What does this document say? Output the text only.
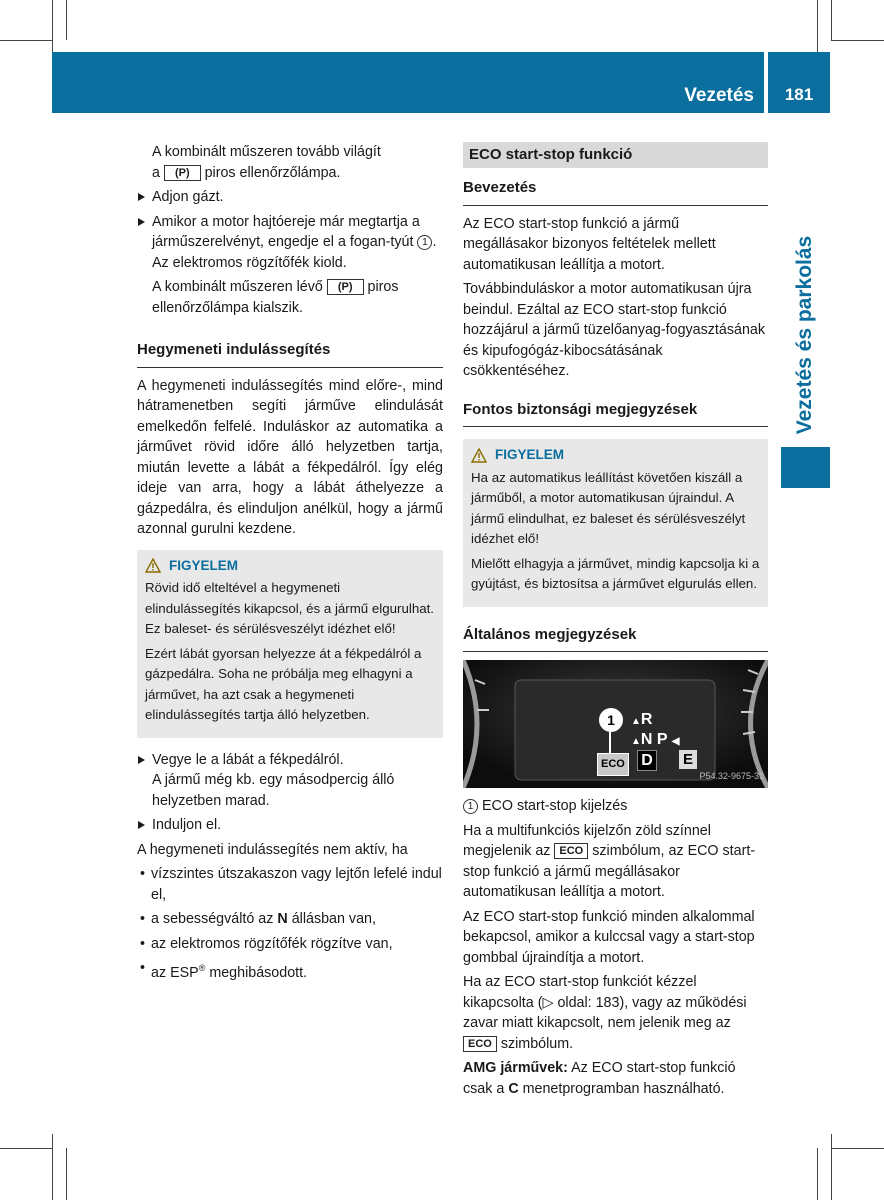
Vezetés	181
Vezetés és parkolás

A kombinált műszeren tovább világít
a (P) piros ellenőrzőlámpa.

Adjon gázt.

Amikor a motor hajtóereje már megtartja a járműszerelvényt, engedje el a fogan-tyút 1 .
Az elektromos rögzítőfék kiold.

A kombinált műszeren lévő (P) piros ellenőrzőlámpa kialszik.

Hegymeneti indulássegítés

A hegymeneti indulássegítés mind előre-, mind hátramenetben segíti járműve elindulását emelkedőn felfelé. Induláskor az automatika a járművet rövid időre álló helyzetben tartja, miután levette a lábát a fékpedálról. Így elég ideje van arra, hogy a lábát áthelyezze a gázpedálra, és elinduljon anélkül, hogy a jármű azonnal gurulni kezdene.

FIGYELEM

Rövid idő elteltével a hegymeneti elindulássegítés kikapcsol, és a jármű elgurulhat. Ez baleset- és sérülésveszélyt idézhet elő!

Ezért lábát gyorsan helyezze át a fékpedálról a gázpedálra. Soha ne próbálja meg elhagyni a járművet, ha azt csak a hegymeneti elindulássegítés tartja álló helyzetben.

Vegye le a lábát a fékpedálról.
A jármű még kb. egy másodpercig álló helyzetben marad.

Induljon el.

A hegymeneti indulássegítés nem aktív, ha

• vízszintes útszakaszon vagy lejtőn lefelé indul el,

• a sebességváltó az N állásban van,

• az elektromos rögzítőfék rögzítve van,

• az ESP® meghibásodott.

ECO start-stop funkció
Bevezetés

Az ECO start-stop funkció a jármű megállásakor bizonyos feltételek mellett automatikusan leállítja a motort.

Továbbinduláskor a motor automatikusan újra beindul. Ezáltal az ECO start-stop funkció hozzájárul a jármű tüzelőanyag-fogyasztásának és kipufogógáz-kibocsátásának csökkentéséhez.

Fontos biztonsági megjegyzések
FIGYELEM

Ha az automatikus leállítást követően kiszáll a járműből, a motor automatikusan újraindul. A jármű elindulhat, ez baleset és sérülésveszélyt idézhet elő!

Mielőtt elhagyja a járművet, mindig kapcsolja ki a gyújtást, és biztosítsa a járművet elgurulás ellen.

Általános megjegyzések
1	▲R
▲N P ◀
ECO D E
P54.32-9675-31

1 ECO start-stop kijelzés

Ha a multifunkciós kijelzőn zöld színnel megjelenik az ECO szimbólum, az ECO start-stop funkció a jármű megállásakor automatikusan leállítja a motort.

Az ECO start-stop funkció minden alkalommal bekapcsol, amikor a kulccsal vagy a start-stop gombbal újraindítja a motort.

Ha az ECO start-stop funkciót kézzel kikapcsolta (▷ oldal: 183), vagy az működési zavar miatt kikapcsolt, nem jelenik meg az ECO szimbólum.

AMG járművek: Az ECO start-stop funkció csak a C menetprogramban használható.
